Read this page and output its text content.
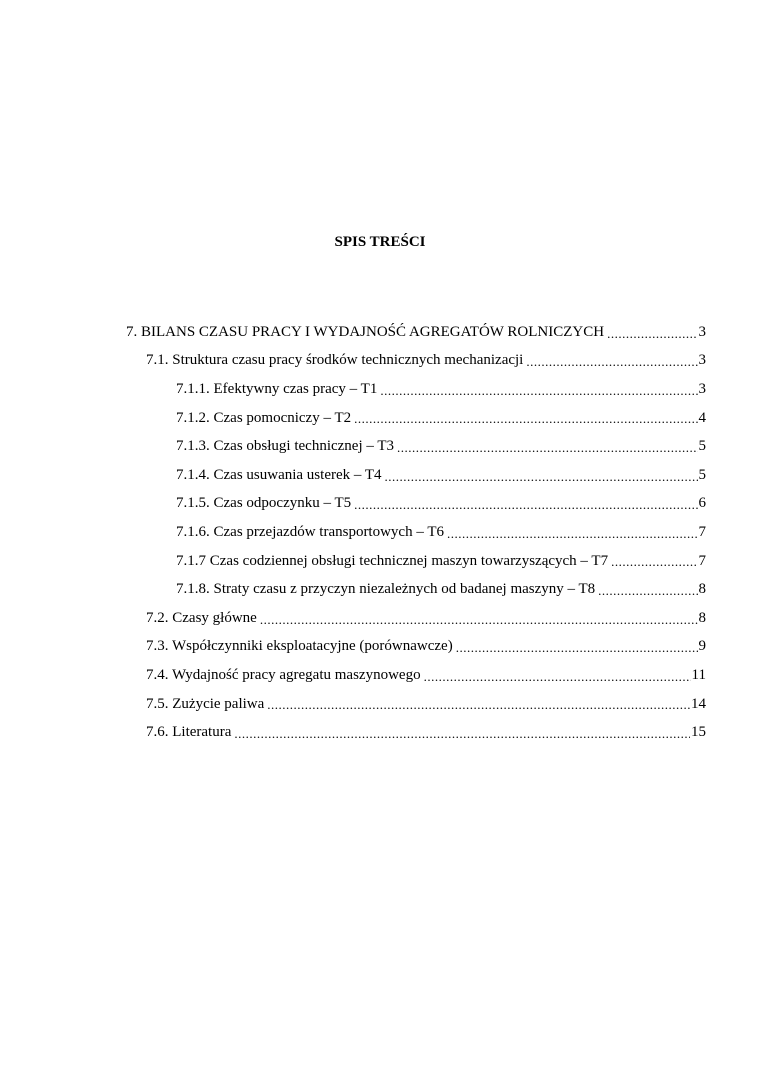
SPIS TREŚCI
7. BILANS CZASU PRACY I WYDAJNOŚĆ AGREGATÓW ROLNICZYCH .....	3
7.1. Struktura czasu pracy środków technicznych mechanizacji .....	3
7.1.1. Efektywny czas pracy – T1 .....	3
7.1.2. Czas pomocniczy – T2 .....	4
7.1.3. Czas obsługi technicznej – T3 .....	5
7.1.4. Czas usuwania usterek – T4 .....	5
7.1.5. Czas odpoczynku – T5 .....	6
7.1.6. Czas przejazdów transportowych – T6 .....	7
7.1.7 Czas codziennej obsługi technicznej maszyn towarzyszących – T7 .....	7
7.1.8. Straty czasu z przyczyn niezależnych od badanej maszyny – T8 .....	8
7.2. Czasy główne .....	8
7.3. Współczynniki eksploatacyjne (porównawcze) .....	9
7.4. Wydajność pracy agregatu maszynowego .....	11
7.5. Zużycie paliwa .....	14
7.6. Literatura .....	15
